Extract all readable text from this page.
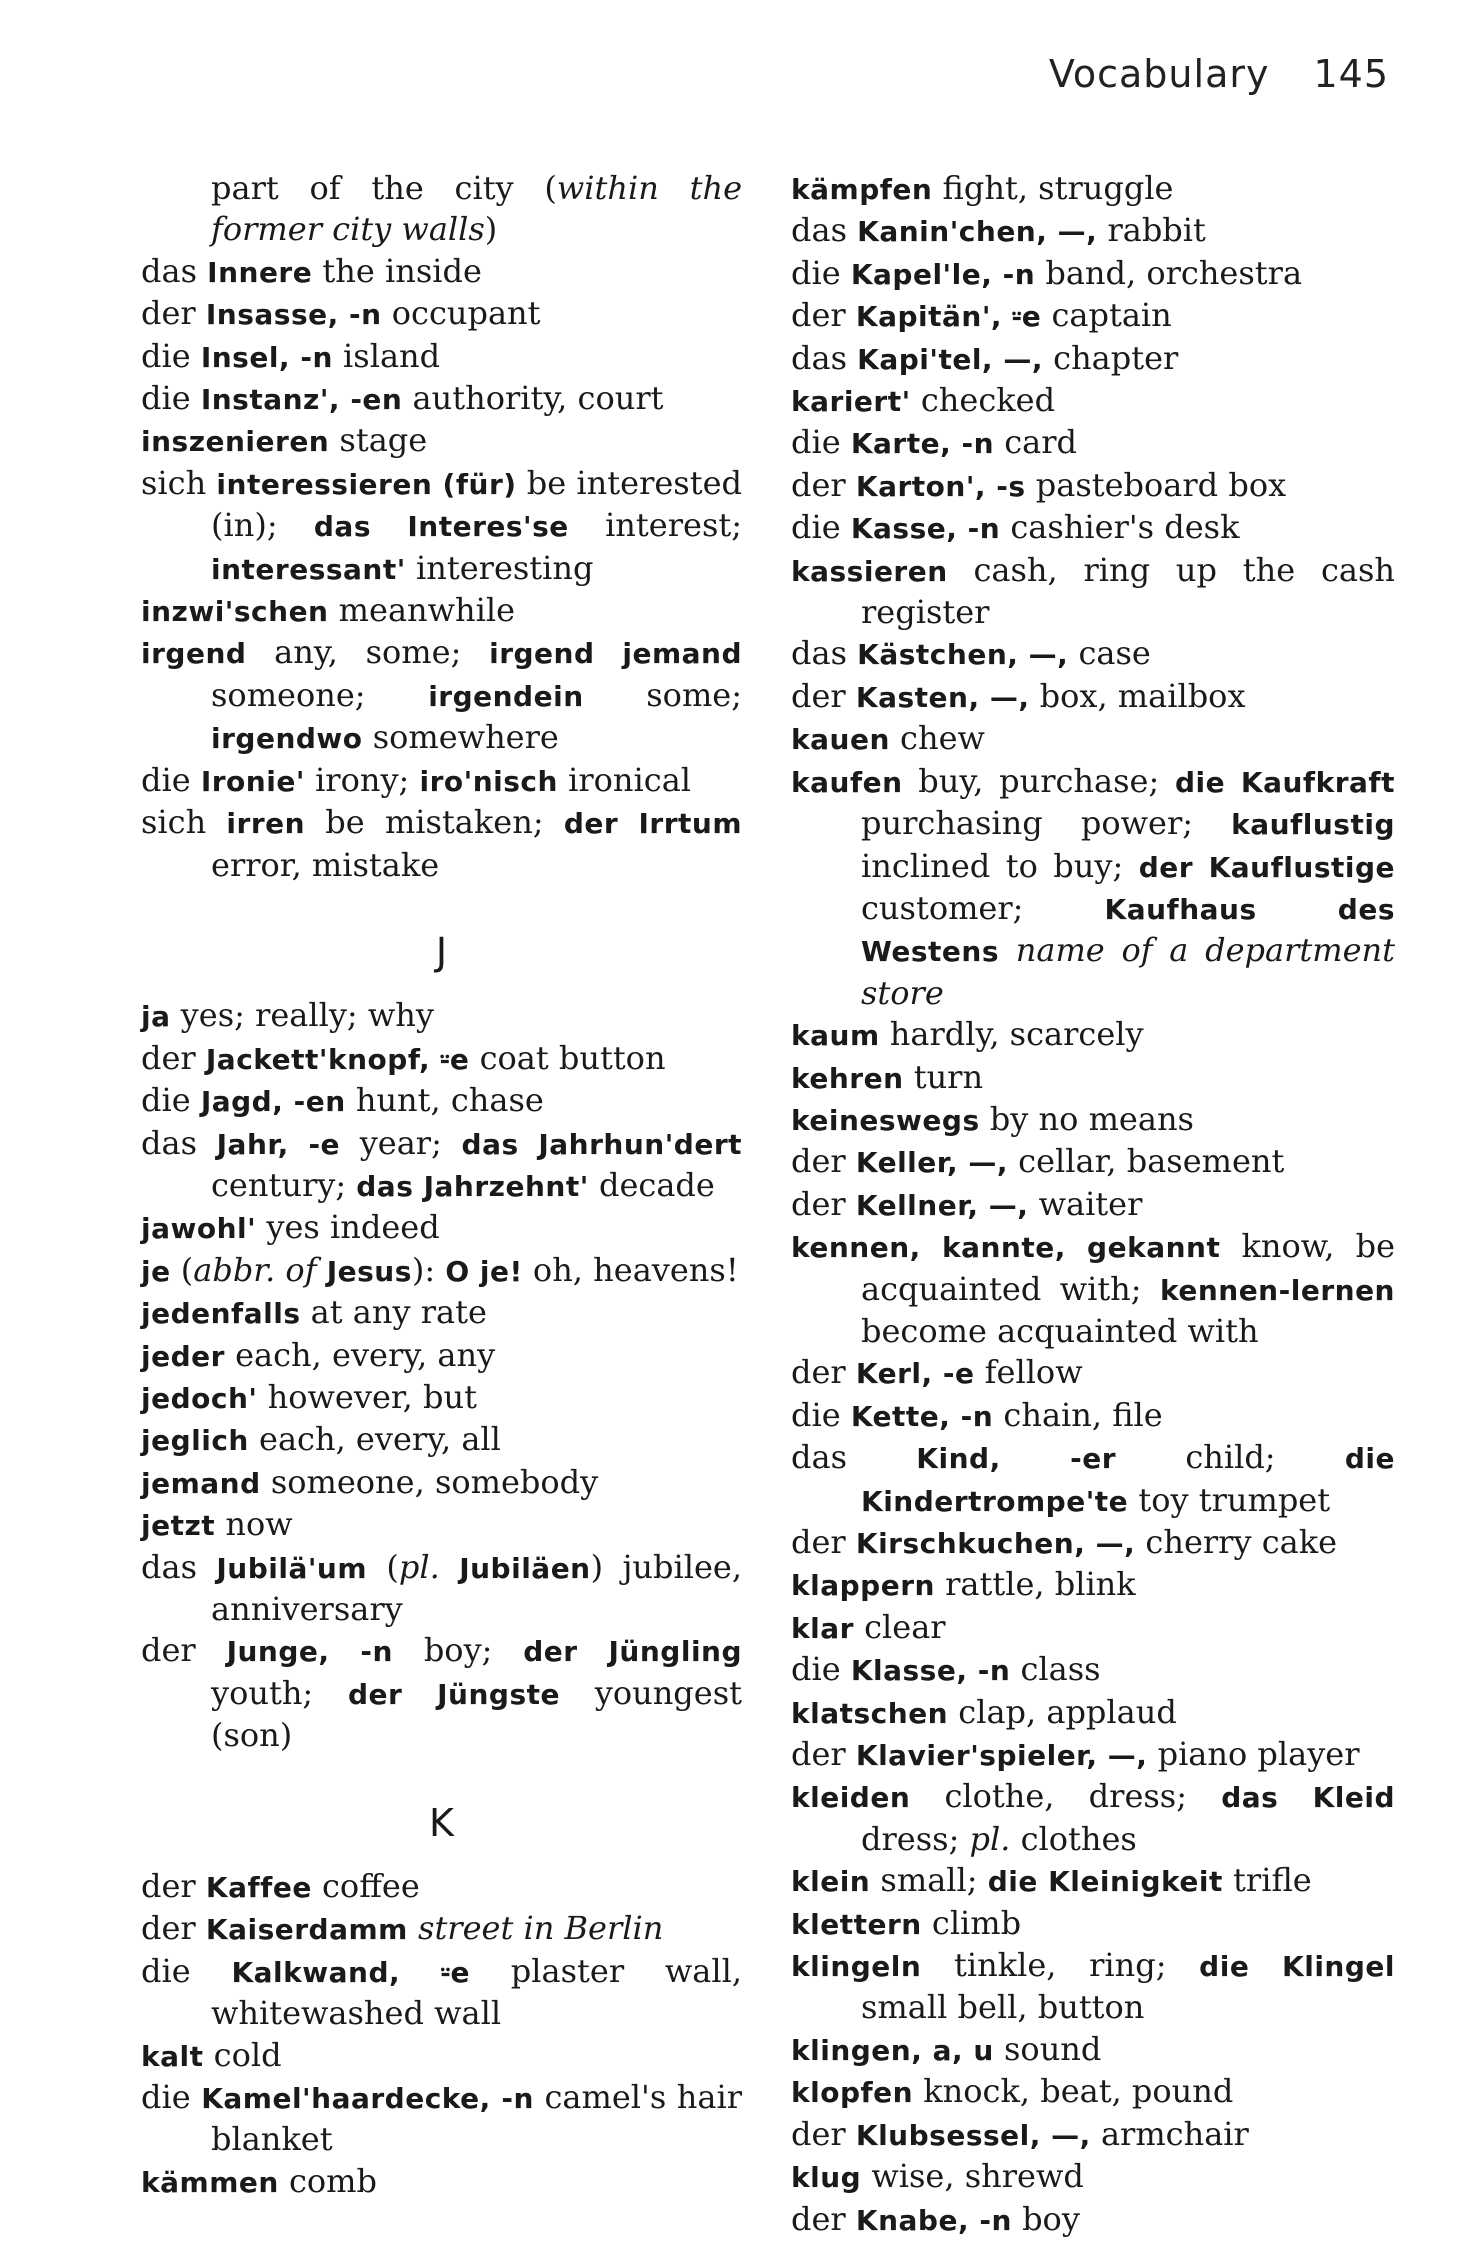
Vocabulary 145
part of the city (within the former city walls)
das Innere the inside
der Insasse, -n occupant
die Insel, -n island
die Instanz', -en authority, court
inszenieren stage
sich interessieren (für) be interested (in); das Interes'se interest; interessant' interesting
inzwi'schen meanwhile
irgend any, some; irgend jemand someone; irgendein some; irgendwo somewhere
die Ironie' irony; iro'nisch ironical
sich irren be mistaken; der Irrtum error, mistake
J
ja yes; really; why
der Jackett'knopf, ⸚e coat button
die Jagd, -en hunt, chase
das Jahr, -e year; das Jahrhun'dert century; das Jahrzehnt' decade
jawohl' yes indeed
je (abbr. of Jesus): O je! oh, heavens!
jedenfalls at any rate
jeder each, every, any
jedoch' however, but
jeglich each, every, all
jemand someone, somebody
jetzt now
das Jubilä'um (pl. Jubiläen) jubilee, anniversary
der Junge, -n boy; der Jüngling youth; der Jüngste youngest (son)
K
der Kaffee coffee
der Kaiserdamm street in Berlin
die Kalkwand, ⸚e plaster wall, whitewashed wall
kalt cold
die Kamel'haardecke, -n camel's hair blanket
kämmen comb
kämpfen fight, struggle
das Kanin'chen, —, rabbit
die Kapel'le, -n band, orchestra
der Kapitän', ⸚e captain
das Kapi'tel, —, chapter
kariert' checked
die Karte, -n card
der Karton', -s pasteboard box
die Kasse, -n cashier's desk
kassieren cash, ring up the cash register
das Kästchen, —, case
der Kasten, —, box, mailbox
kauen chew
kaufen buy, purchase; die Kaufkraft purchasing power; kauflustig inclined to buy; der Kauflustige customer; Kaufhaus des Westens name of a department store
kaum hardly, scarcely
kehren turn
keineswegs by no means
der Keller, —, cellar, basement
der Kellner, —, waiter
kennen, kannte, gekannt know, be acquainted with; kennen-lernen become acquainted with
der Kerl, -e fellow
die Kette, -n chain, file
das Kind, -er child; die Kindertrompe'te toy trumpet
der Kirschkuchen, —, cherry cake
klappern rattle, blink
klar clear
die Klasse, -n class
klatschen clap, applaud
der Klavier'spieler, —, piano player
kleiden clothe, dress; das Kleid dress; pl. clothes
klein small; die Kleinigkeit trifle
klettern climb
klingeln tinkle, ring; die Klingel small bell, button
klingen, a, u sound
klopfen knock, beat, pound
der Klubsessel, —, armchair
klug wise, shrewd
der Knabe, -n boy
